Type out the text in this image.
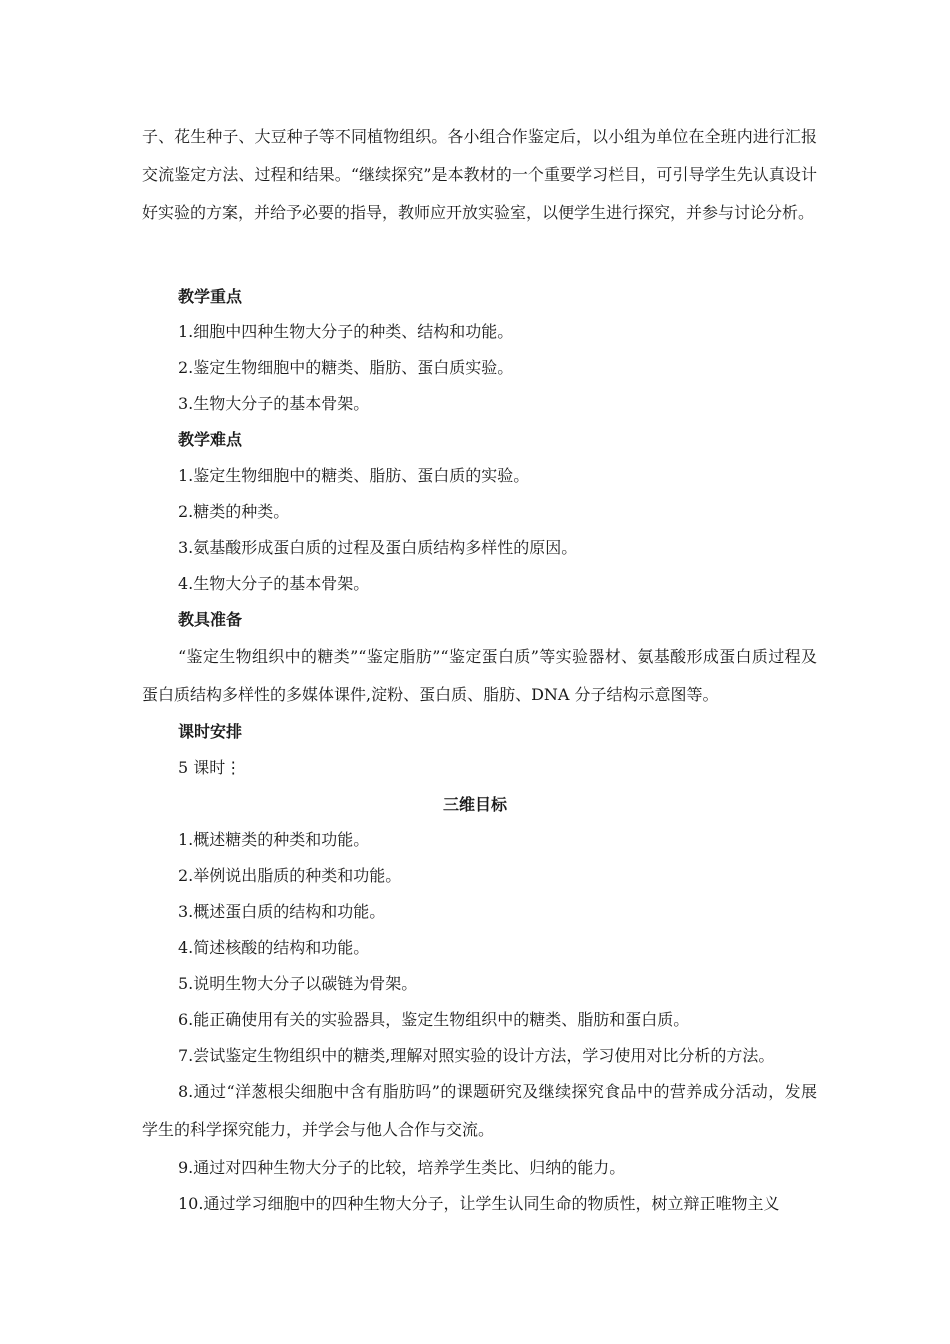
子、花生种子、大豆种子等不同植物组织。各小组合作鉴定后，以小组为单位在全班内进行汇报交流鉴定方法、过程和结果。“继续探究”是本教材的一个重要学习栏目，可引导学生先认真设计好实验的方案，并给予必要的指导，教师应开放实验室，以便学生进行探究，并参与讨论分析。

教学重点

1.细胞中四种生物大分子的种类、结构和功能。

2.鉴定生物细胞中的糖类、脂肪、蛋白质实验。

3.生物大分子的基本骨架。

教学难点

1.鉴定生物细胞中的糖类、脂肪、蛋白质的实验。

2.糖类的种类。

3.氨基酸形成蛋白质的过程及蛋白质结构多样性的原因。

4.生物大分子的基本骨架。

教具准备

“鉴定生物组织中的糖类”“鉴定脂肪”“鉴定蛋白质”等实验器材、氨基酸形成蛋白质过程及蛋白质结构多样性的多媒体课件,淀粉、蛋白质、脂肪、DNA 分子结构示意图等。

课时安排

5 课时⋮

三维目标

1.概述糖类的种类和功能。

2.举例说出脂质的种类和功能。

3.概述蛋白质的结构和功能。

4.简述核酸的结构和功能。

5.说明生物大分子以碳链为骨架。

6.能正确使用有关的实验器具，鉴定生物组织中的糖类、脂肪和蛋白质。

7.尝试鉴定生物组织中的糖类,理解对照实验的设计方法，学习使用对比分析的方法。

8.通过“洋葱根尖细胞中含有脂肪吗”的课题研究及继续探究食品中的营养成分活动，发展学生的科学探究能力，并学会与他人合作与交流。

9.通过对四种生物大分子的比较，培养学生类比、归纳的能力。

10.通过学习细胞中的四种生物大分子，让学生认同生命的物质性，树立辩正唯物主义
